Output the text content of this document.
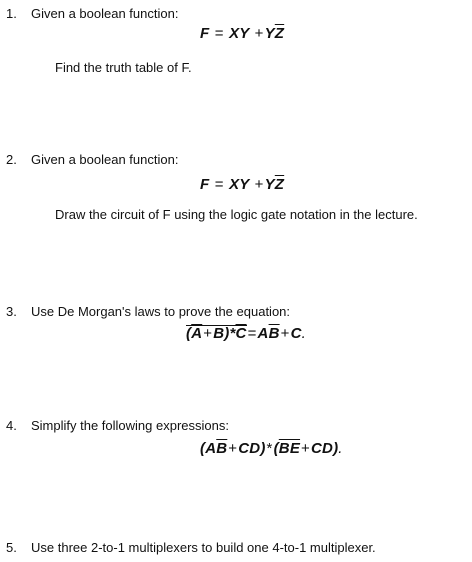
1. Given a boolean function:
F = XY $+Y\overline{Z}$
Find the truth table of F.
2. Given a boolean function:
F = XY $+Y\overline{Z}$
Draw the circuit of F using the logic gate notation in the lecture.
3. Use De Morgan's laws to prove the equation:
$(\overline{A}+B)*\overline{C}=A\overline{B}+C$.
4. Simplify the following expressions:
$(A\overline{B}+CD)*(\overline{BE}+CD)$.
5. Use three 2-to-1 multiplexers to build one 4-to-1 multiplexer.
